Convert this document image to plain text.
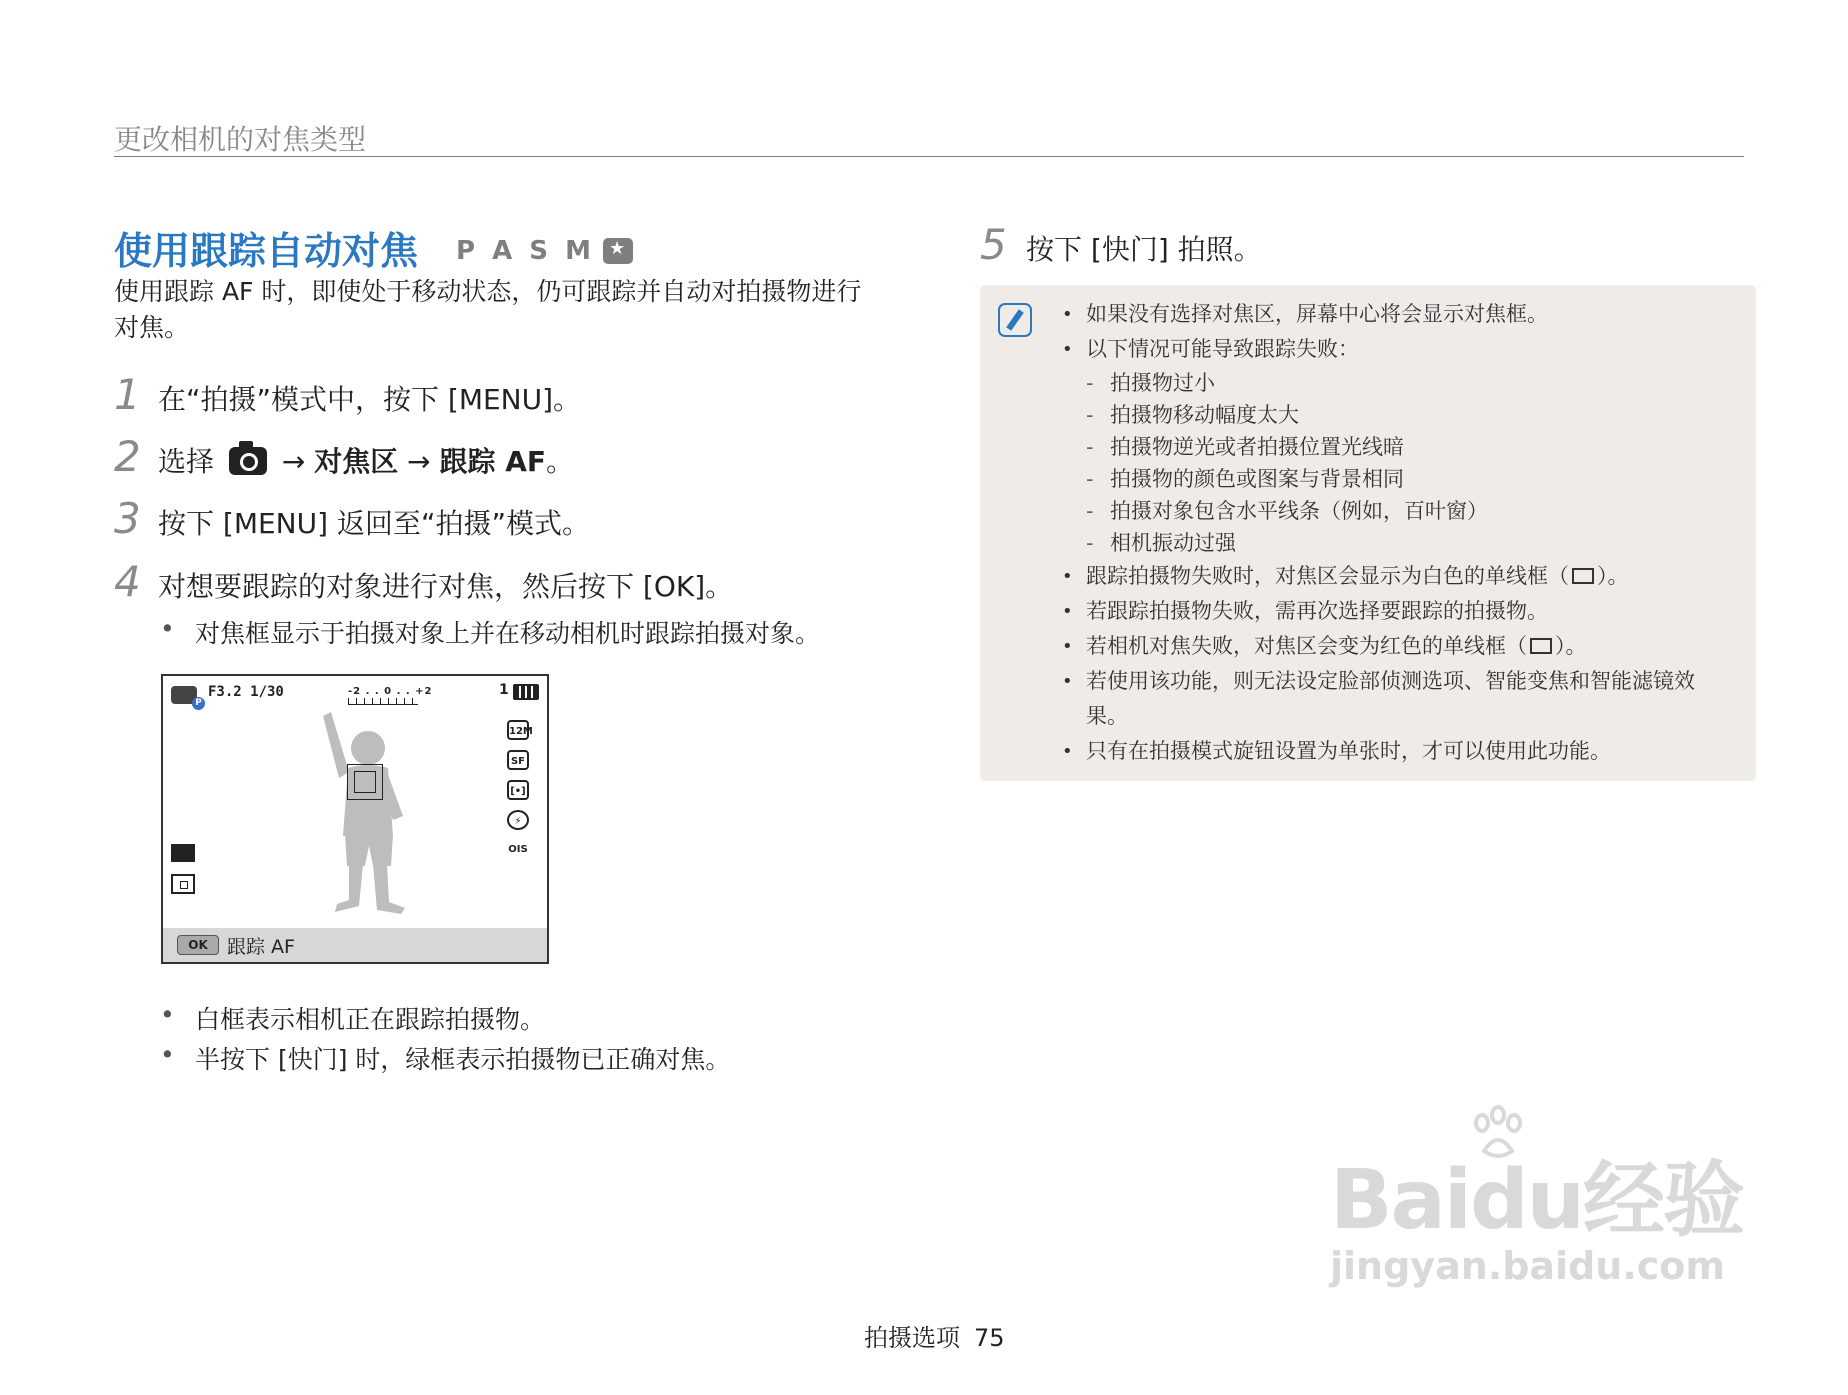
更改相机的对焦类型
使用跟踪自动对焦 P A S M
★
使用跟踪 AF 时，即使处于移动状态，仍可跟踪并自动对拍摄物进行对焦。
1 在“拍摄”模式中，按下 [MENU]。
2 选择 → 对焦区 → 跟踪 AF。
3 按下 [MENU] 返回至“拍摄”模式。
4 对想要跟踪的对象进行对焦，然后按下 [OK]。
• 对焦框显示于拍摄对象上并在移动相机时跟踪拍摄对象。
P
F3.2 1/30	-2 . . 0 . . +2	1
12M
SF
[•]
⚡
OIS
OK	跟踪 AF
• 白框表示相机正在跟踪拍摄物。
• 半按下 [快门] 时，绿框表示拍摄物已正确对焦。
5 按下 [快门] 拍照。
• 如果没有选择对焦区，屏幕中心将会显示对焦框。
• 以下情况可能导致跟踪失败：
- 拍摄物过小
- 拍摄物移动幅度太大
- 拍摄物逆光或者拍摄位置光线暗
- 拍摄物的颜色或图案与背景相同
- 拍摄对象包含水平线条（例如，百叶窗）
- 相机振动过强
• 跟踪拍摄物失败时，对焦区会显示为白色的单线框（ ）。
• 若跟踪拍摄物失败，需再次选择要跟踪的拍摄物。
• 若相机对焦失败，对焦区会变为红色的单线框（ ）。
• 若使用该功能，则无法设定脸部侦测选项、智能变焦和智能滤镜效果。
• 只有在拍摄模式旋钮设置为单张时，才可以使用此功能。
拍摄选项 75
Baidu经验
jingyan.baidu.com
